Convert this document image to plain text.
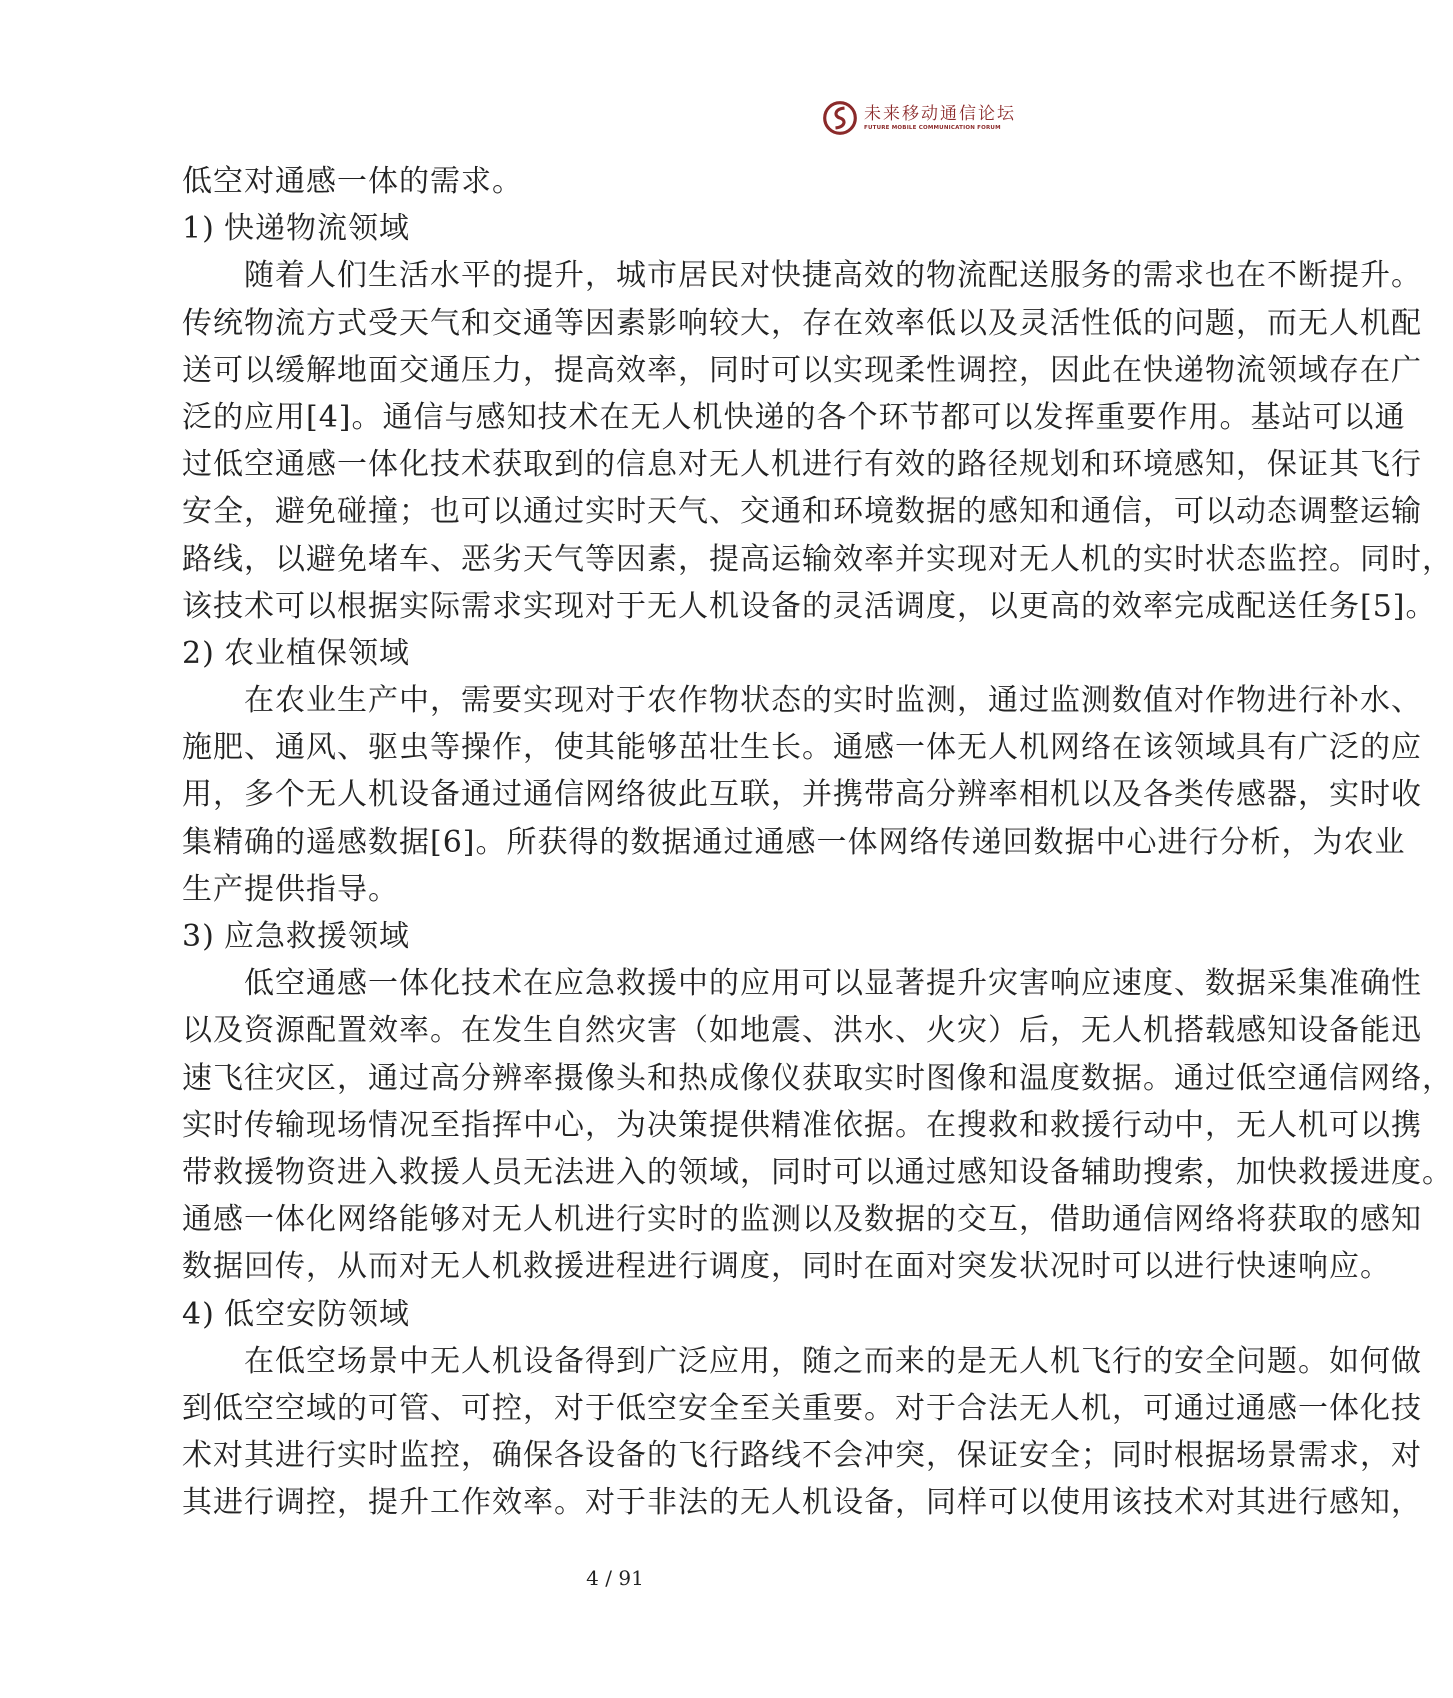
未来移动通信论坛
FUTURE MOBILE COMMUNICATION FORUM
低空对通感一体的需求。
1) 快递物流领域
随着人们生活水平的提升，城市居民对快捷高效的物流配送服务的需求也在不断提升。
传统物流方式受天气和交通等因素影响较大，存在效率低以及灵活性低的问题，而无人机配
送可以缓解地面交通压力，提高效率，同时可以实现柔性调控，因此在快递物流领域存在广
泛的应用[4]。通信与感知技术在无人机快递的各个环节都可以发挥重要作用。基站可以通
过低空通感一体化技术获取到的信息对无人机进行有效的路径规划和环境感知，保证其飞行
安全，避免碰撞；也可以通过实时天气、交通和环境数据的感知和通信，可以动态调整运输
路线，以避免堵车、恶劣天气等因素，提高运输效率并实现对无人机的实时状态监控。同时，
该技术可以根据实际需求实现对于无人机设备的灵活调度，以更高的效率完成配送任务[5]。
2) 农业植保领域
在农业生产中，需要实现对于农作物状态的实时监测，通过监测数值对作物进行补水、
施肥、通风、驱虫等操作，使其能够茁壮生长。通感一体无人机网络在该领域具有广泛的应
用，多个无人机设备通过通信网络彼此互联，并携带高分辨率相机以及各类传感器，实时收
集精确的遥感数据[6]。所获得的数据通过通感一体网络传递回数据中心进行分析，为农业
生产提供指导。
3) 应急救援领域
低空通感一体化技术在应急救援中的应用可以显著提升灾害响应速度、数据采集准确性
以及资源配置效率。在发生自然灾害（如地震、洪水、火灾）后，无人机搭载感知设备能迅
速飞往灾区，通过高分辨率摄像头和热成像仪获取实时图像和温度数据。通过低空通信网络，
实时传输现场情况至指挥中心，为决策提供精准依据。在搜救和救援行动中，无人机可以携
带救援物资进入救援人员无法进入的领域，同时可以通过感知设备辅助搜索，加快救援进度。
通感一体化网络能够对无人机进行实时的监测以及数据的交互，借助通信网络将获取的感知
数据回传，从而对无人机救援进程进行调度，同时在面对突发状况时可以进行快速响应。
4) 低空安防领域
在低空场景中无人机设备得到广泛应用，随之而来的是无人机飞行的安全问题。如何做
到低空空域的可管、可控，对于低空安全至关重要。对于合法无人机，可通过通感一体化技
术对其进行实时监控，确保各设备的飞行路线不会冲突，保证安全；同时根据场景需求，对
其进行调控，提升工作效率。对于非法的无人机设备，同样可以使用该技术对其进行感知，
4 / 91
